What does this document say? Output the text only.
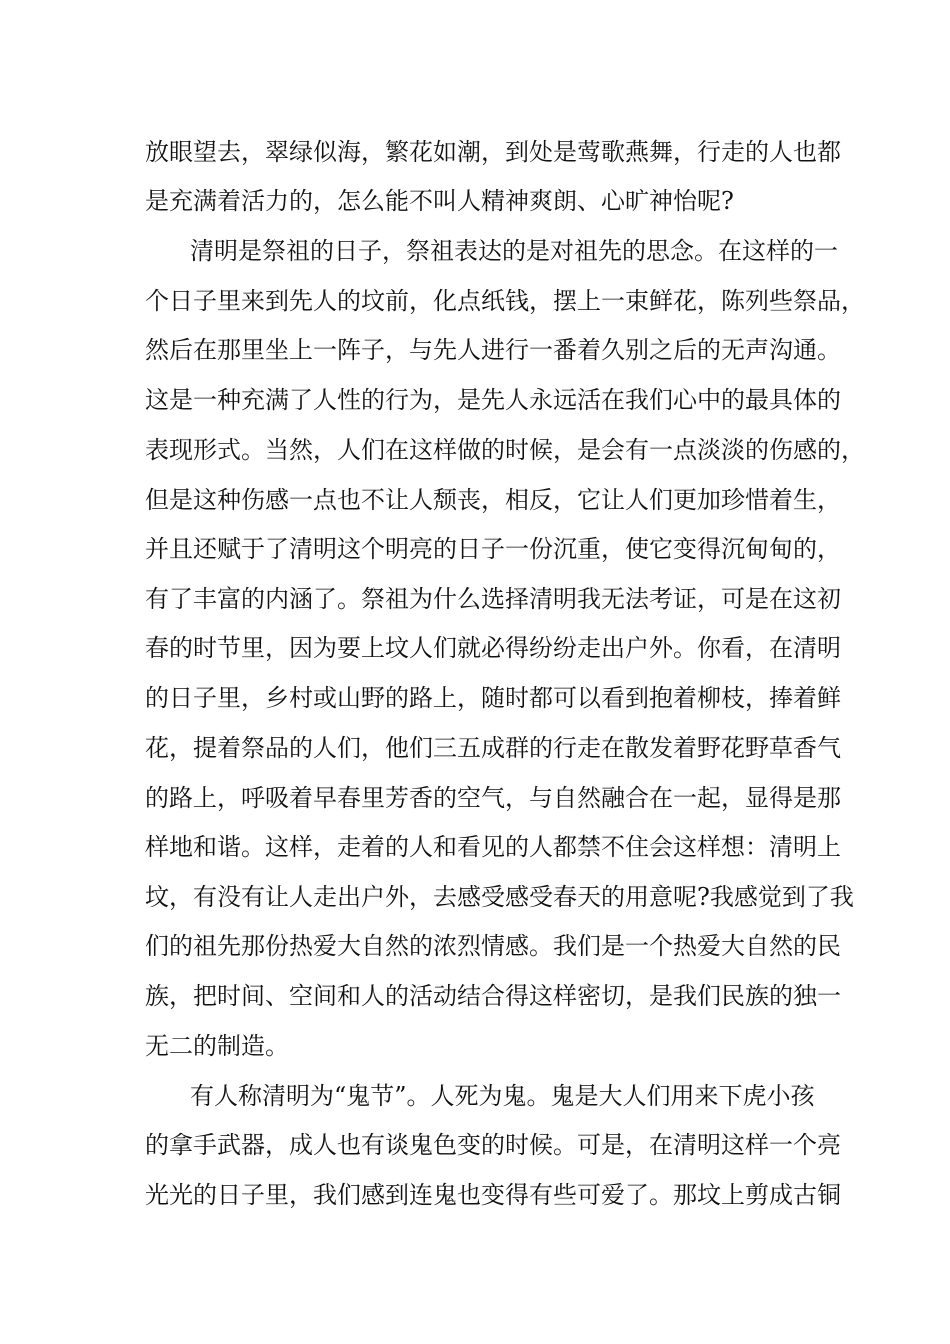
放眼望去，翠绿似海，繁花如潮，到处是莺歌燕舞，行走的人也都
是充满着活力的，怎么能不叫人精神爽朗、心旷神怡呢?
清明是祭祖的日子，祭祖表达的是对祖先的思念。在这样的一
个日子里来到先人的坟前，化点纸钱，摆上一束鲜花，陈列些祭品，
然后在那里坐上一阵子，与先人进行一番着久别之后的无声沟通。
这是一种充满了人性的行为，是先人永远活在我们心中的最具体的
表现形式。当然，人们在这样做的时候，是会有一点淡淡的伤感的，
但是这种伤感一点也不让人颓丧，相反，它让人们更加珍惜着生，
并且还赋于了清明这个明亮的日子一份沉重，使它变得沉甸甸的，
有了丰富的内涵了。祭祖为什么选择清明我无法考证，可是在这初
春的时节里，因为要上坟人们就必得纷纷走出户外。你看，在清明
的日子里，乡村或山野的路上，随时都可以看到抱着柳枝，捧着鲜
花，提着祭品的人们，他们三五成群的行走在散发着野花野草香气
的路上，呼吸着早春里芳香的空气，与自然融合在一起，显得是那
样地和谐。这样，走着的人和看见的人都禁不住会这样想：清明上
坟，有没有让人走出户外，去感受感受春天的用意呢?我感觉到了我
们的祖先那份热爱大自然的浓烈情感。我们是一个热爱大自然的民
族，把时间、空间和人的活动结合得这样密切，是我们民族的独一
无二的制造。
有人称清明为“鬼节”。人死为鬼。鬼是大人们用来下虎小孩
的拿手武器，成人也有谈鬼色变的时候。可是，在清明这样一个亮
光光的日子里，我们感到连鬼也变得有些可爱了。那坟上剪成古铜
